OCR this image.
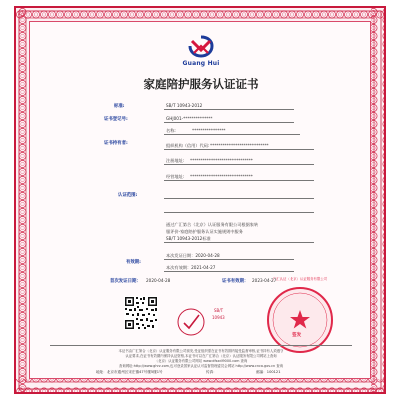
Guang Hui
家庭陪护服务认证证书
标准:	SB/T 10943-2012
证书登记号:	GHJ001-**************
证书持有者:
名称:	****************
组织机构（信用）代码: ****************************
注册地址: ******************************
经营地址: ******************************
认证范围:
通过广汇第合（北京）认证服务有限公司根据家转
服评价-家庭陪护服务认证实施规则中服务
SB/T 10943-2012标准
有效期:
本次发证日期：2020-04-28
本次有效期：2021-04-27
首次发证日期： 2020-04-28	证书有效期： 2023-04-27
SB/T
10943
广汇认证（北京）认证服务有限公司
签发
本证书由广汇第合（北京）认证服务有限公司颁发,受证组织需在证书有效期内接受监督审核,证书持有人须遵守
认证要求,在证书有效期内保持认证资格,本证书可以在广汇第合（北京）认证服务有限公司网站上查询
（北京）认证服务有限公司网站 www.dfsxdl9000.com 查询
查询网址:http://www.ghrz.com,也可登录国家认证认可监督管理委员会网站 http://www.cnca.gov.cn 查询
地址：北京市通州区宋庄镇47号楼5楼1号	传真：	邮编：100121
